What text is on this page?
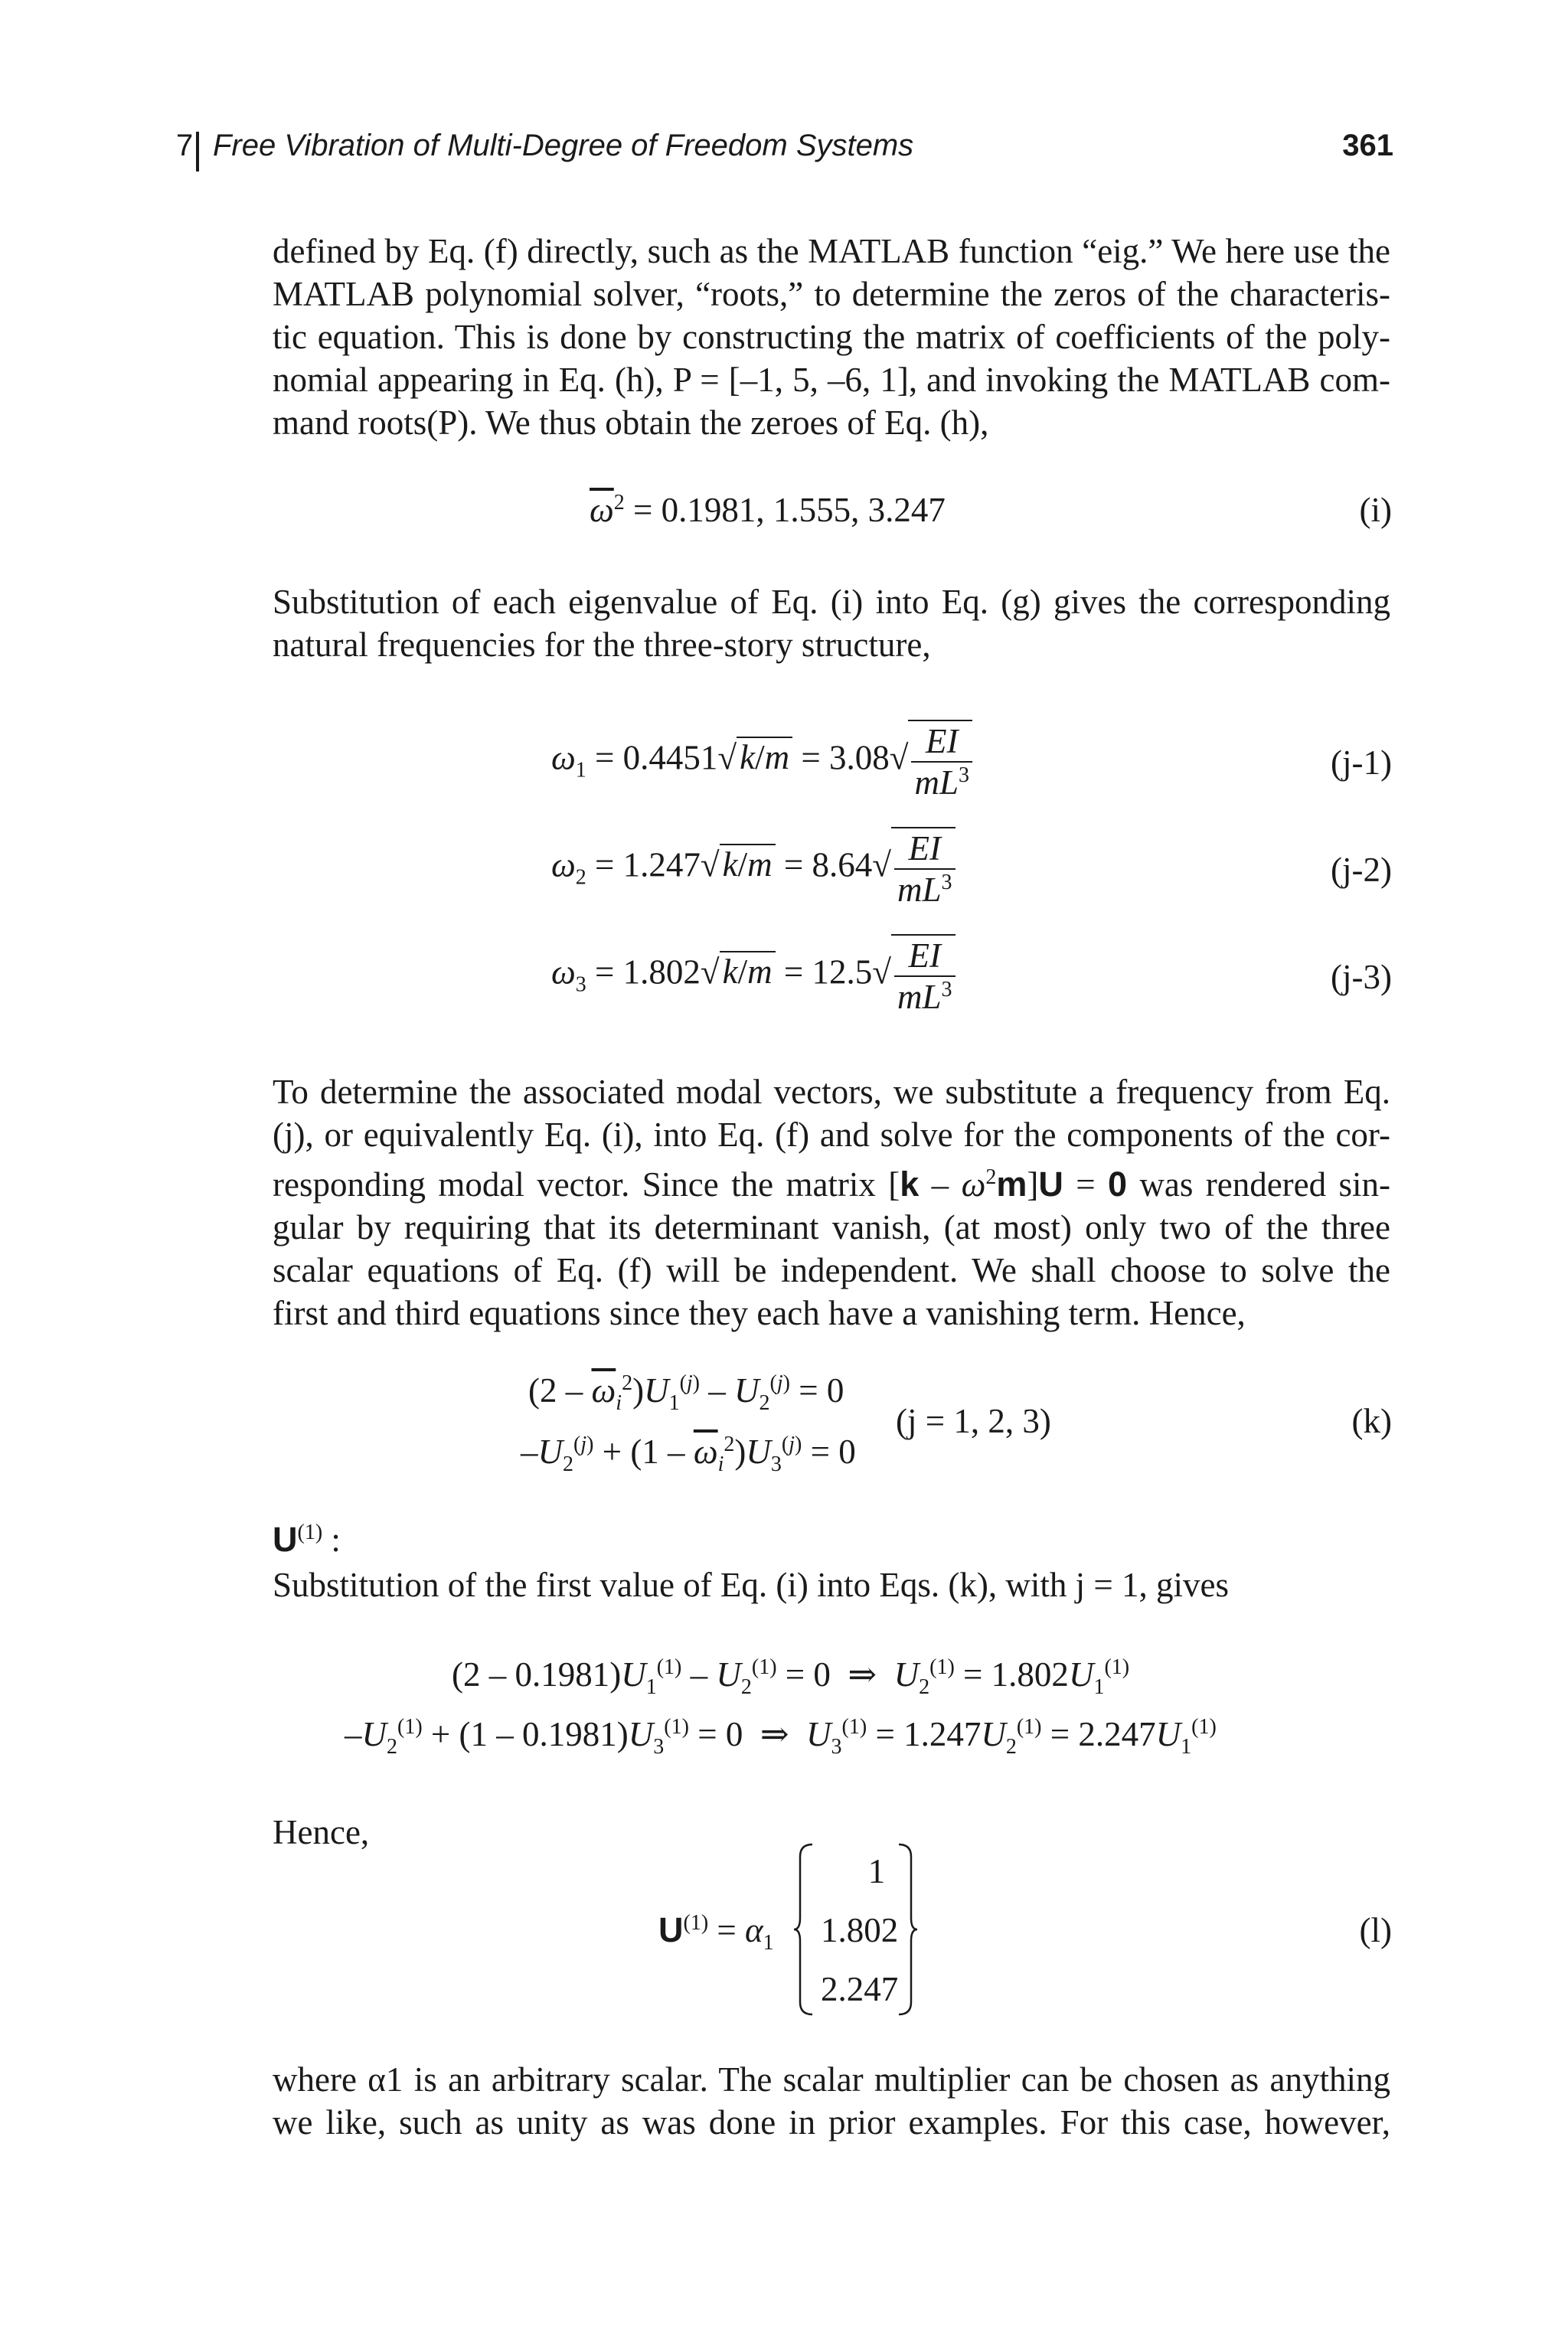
7 Free Vibration of Multi-Degree of Freedom Systems	361
defined by Eq. (f) directly, such as the MATLAB function “eig.” We here use the
MATLAB polynomial solver, “roots,” to determine the zeros of the characteris-
tic equation. This is done by constructing the matrix of coefficients of the poly-
nomial appearing in Eq. (h), P = [–1, 5, –6, 1], and invoking the MATLAB com-
mand roots(P). We thus obtain the zeroes of Eq. (h),
$\overline{\omega}^2 = 0.1981$, 1.555, 3.247	(i)
Substitution of each eigenvalue of Eq. (i) into Eq. (g) gives the corresponding
natural frequencies for the three-story structure,
$\omega_1 = 0.4451√k/m = 3.08√ \frac{EI}{mL^3}$	(j-1)
$\omega_2 = 1.247√k/m = 8.64√ \frac{EI}{mL^3}$	(j-2)
$\omega_3 = 1.802√k/m = 12.5√ \frac{EI}{mL^3}$	(j-3)
To determine the associated modal vectors, we substitute a frequency from Eq.
(j), or equivalently Eq. (i), into Eq. (f) and solve for the components of the cor-
responding modal vector. Since the matrix $[k - \omega^2m]U = 0$ was rendered sin-
gular by requiring that its determinant vanish, (at most) only two of the three
scalar equations of Eq. (f) will be independent. We shall choose to solve the
first and third equations since they each have a vanishing term. Hence,
$(2 - \overline{\omega}_i^2)U_1^{(j)} - U_2^{(j)} = 0$
$-U_2^{(j)} + (1 - \overline{\omega}_i^2)U_3^{(j)} = 0$
(j = 1, 2, 3)	(k)
$U^{(1)}$ :
Substitution of the first value of Eq. (i) into Eqs. (k), with j = 1, gives
$(2 - 0.1981)U_1^{(1)} - U_2^{(1)} = 0$  ⇒  $U_2^{(1)} = 1.802U_1^{(1)}$
$-U_2^{(1)} + (1 - 0.1981)U_3^{(1)} = 0$  ⇒  $U_3^{(1)} = 1.247U_2^{(1)} = 2.247U_1^{(1)}$
Hence,
$U^{(1)} = \alpha_1$
1
1.802
2.247
(l)
where α1 is an arbitrary scalar. The scalar multiplier can be chosen as anything
we like, such as unity as was done in prior examples. For this case, however,
